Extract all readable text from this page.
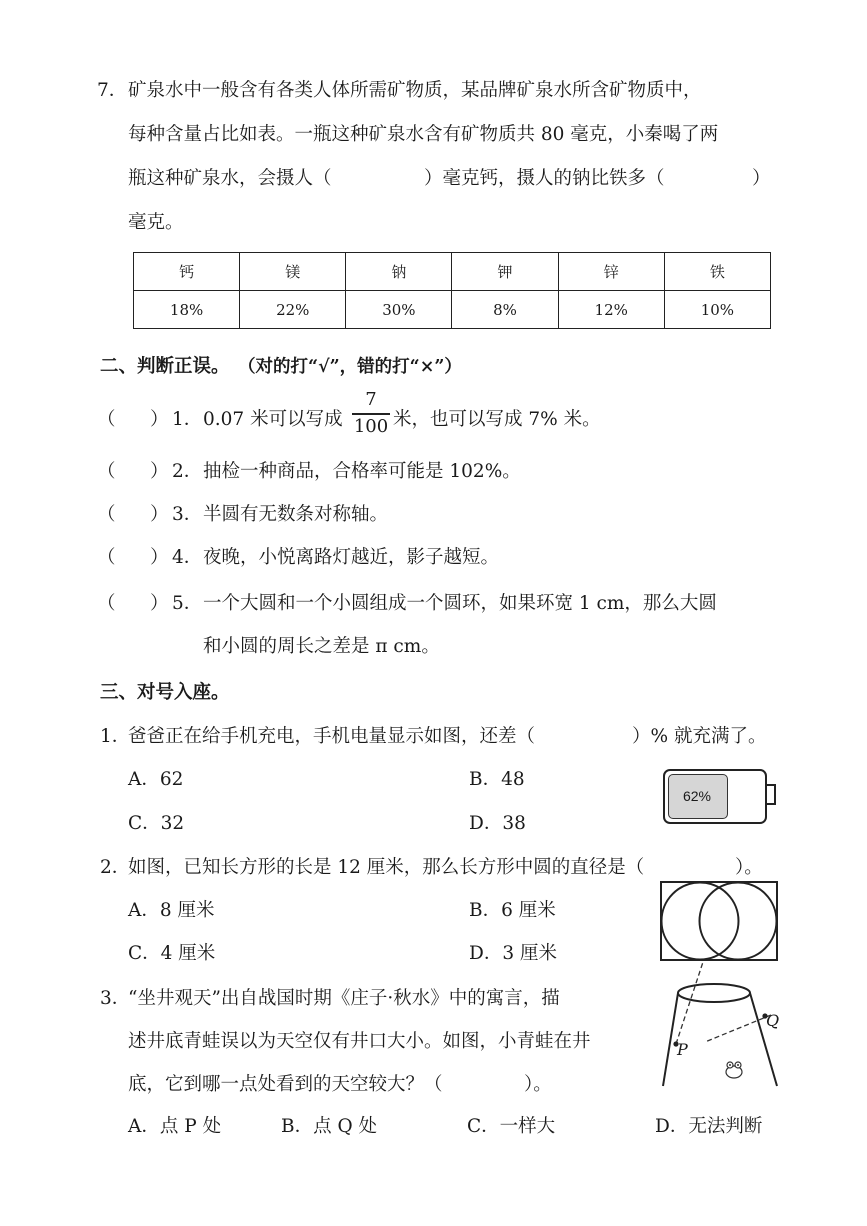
7． 矿泉水中一般含有各类人体所需矿物质，某品牌矿泉水所含矿物质中，
每种含量占比如表。一瓶这种矿泉水含有矿物质共 80 毫克，小秦喝了两
瓶这种矿泉水，会摄人（	）毫克钙，摄人的钠比铁多（	）
毫克。
钙	镁	钠	钾	锌	铁
18%	22%	30%	8%	12%	10%
二、判断正误。 （对的打“√”，错的打“×”）
（ ） 1． 0.07 米可以写成
7
100 米，也可以写成 7% 米。
（ ） 2． 抽检一种商品，合格率可能是 102%。
（ ） 3． 半圆有无数条对称轴。
（ ） 4． 夜晚，小悦离路灯越近，影子越短。
（ ） 5． 一个大圆和一个小圆组成一个圆环，如果环宽 1 cm，那么大圆
和小圆的周长之差是 π cm。
三、对号入座。
1．
爸爸正在给手机充电，手机电量显示如图，还差（	）% 就充满了。
A．62	B．48
C．32	D．38
62%
2．
如图，已知长方形的长是 12 厘米，那么长方形中圆的直径是（	）。
A．8 厘米	B．6 厘米
C．4 厘米	D．3 厘米
3．
“坐井观天”出自战国时期《庄子·秋水》中的寓言，描
述井底青蛙误以为天空仅有井口大小。如图，小青蛙在井
底，它到哪一点处看到的天空较大？（	）。
A．点 P 处	B．点 Q 处	C．一样大	D．无法判断
P
Q
